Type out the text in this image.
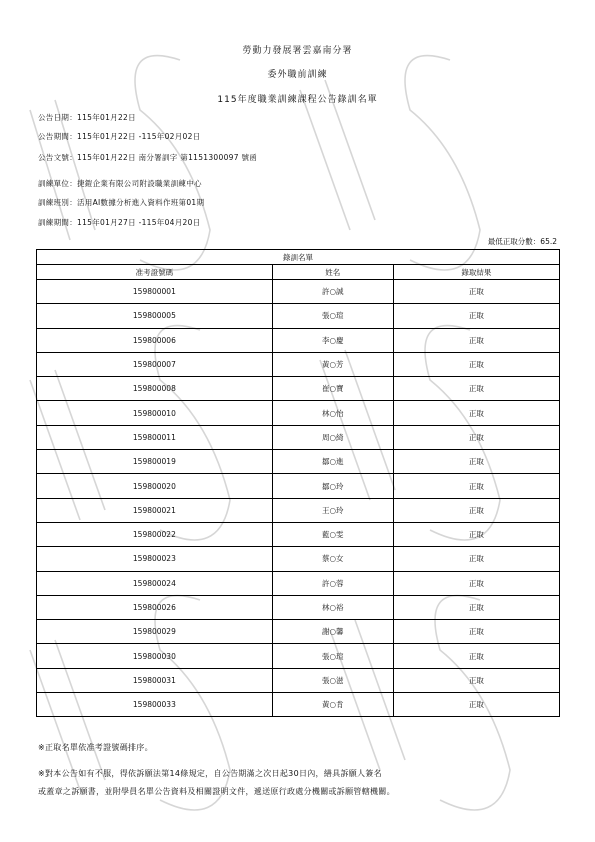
勞動力發展署雲嘉南分署
委外職前訓練
115年度職業訓練課程公告錄訓名單
公告日期：115年01月22日
公告期間：115年01月22日 -115年02月02日
公告文號：115年01月22日 南分署訓字 第1151300097 號函
訓練單位：捷鎧企業有限公司附設職業訓練中心
訓練班別：活用AI數據分析進入資料作班第01期
訓練期間：115年01月27日 -115年04月20日
最低正取分數：65.2
錄訓名單		
准考證號碼	姓名	錄取結果
159800001	許○誠	正取
159800005	張○瑄	正取
159800006	李○慶	正取
159800007	黃○芳	正取
159800008	崔○寶	正取
159800010	林○怡	正取
159800011	周○綺	正取
159800019	鄒○進	正取
159800020	鄒○玲	正取
159800021	王○玲	正取
159800022	藍○雯	正取
159800023	蔡○女	正取
159800024	許○蓉	正取
159800026	林○裕	正取
159800029	謝○馨	正取
159800030	張○瑄	正取
159800031	張○滋	正取
159800033	黃○肯	正取
※正取名單依准考證號碼排序。
※對本公告如有不服，得依訴願法第14條規定，自公告期滿之次日起30日內，繕具訴願人簽名
或蓋章之訴願書，並附學員名單公告資料及相關證明文件，遞送原行政處分機關或訴願管轄機關。
